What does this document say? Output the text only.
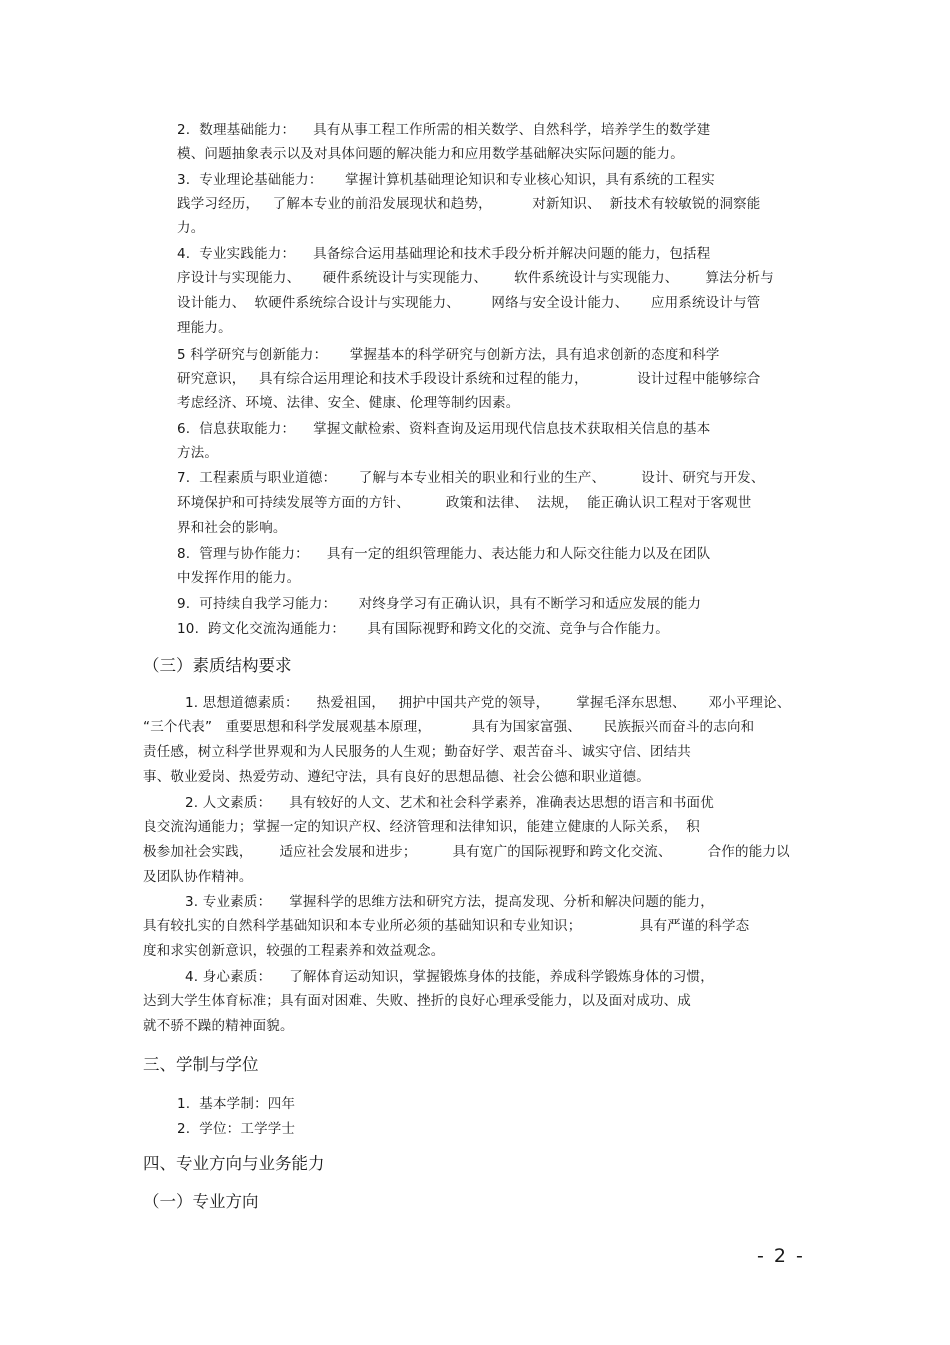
2.  数理基础能力：    具有从事工程工作所需的相关数学、自然科学，培养学生的数学建
模、问题抽象表示以及对具体问题的解决能力和应用数学基础解决实际问题的能力。
3.  专业理论基础能力：     掌握计算机基础理论知识和专业核心知识，具有系统的工程实
践学习经历，   了解本专业的前沿发展现状和趋势，         对新知识、  新技术有较敏锐的洞察能
力。
4.  专业实践能力：    具备综合运用基础理论和技术手段分析并解决问题的能力，包括程
序设计与实现能力、     硬件系统设计与实现能力、      软件系统设计与实现能力、      算法分析与
设计能力、  软硬件系统综合设计与实现能力、       网络与安全设计能力、     应用系统设计与管
理能力。
5 科学研究与创新能力：     掌握基本的科学研究与创新方法，具有追求创新的态度和科学
研究意识，   具有综合运用理论和技术手段设计系统和过程的能力，           设计过程中能够综合
考虑经济、环境、法律、安全、健康、伦理等制约因素。
6.  信息获取能力：    掌握文献检索、资料查询及运用现代信息技术获取相关信息的基本
方法。
7.  工程素质与职业道德：     了解与本专业相关的职业和行业的生产、        设计、研究与开发、
环境保护和可持续发展等方面的方针、        政策和法律、  法规，  能正确认识工程对于客观世
界和社会的影响。
8.  管理与协作能力：    具有一定的组织管理能力、表达能力和人际交往能力以及在团队
中发挥作用的能力。
9.  可持续自我学习能力：     对终身学习有正确认识，具有不断学习和适应发展的能力
10.  跨文化交流沟通能力：     具有国际视野和跨文化的交流、竞争与合作能力。
（三）素质结构要求
1. 思想道德素质：    热爱祖国，   拥护中国共产党的领导，      掌握毛泽东思想、     邓小平理论、
“三个代表”   重要思想和科学发展观基本原理，         具有为国家富强、     民族振兴而奋斗的志向和
责任感，树立科学世界观和为人民服务的人生观；勤奋好学、艰苦奋斗、诚实守信、团结共
事、敬业爱岗、热爱劳动、遵纪守法，具有良好的思想品德、社会公德和职业道德。
2. 人文素质：    具有较好的人文、艺术和社会科学素养，准确表达思想的语言和书面优
良交流沟通能力；掌握一定的知识产权、经济管理和法律知识，能建立健康的人际关系，  积
极参加社会实践，      适应社会发展和进步；        具有宽广的国际视野和跨文化交流、        合作的能力以
及团队协作精神。
3. 专业素质：    掌握科学的思维方法和研究方法，提高发现、分析和解决问题的能力，
具有较扎实的自然科学基础知识和本专业所必须的基础知识和专业知识；             具有严谨的科学态
度和求实创新意识，较强的工程素养和效益观念。
4. 身心素质：    了解体育运动知识，掌握锻炼身体的技能，养成科学锻炼身体的习惯，
达到大学生体育标准；具有面对困难、失败、挫折的良好心理承受能力，以及面对成功、成
就不骄不躁的精神面貌。
三、学制与学位
1.  基本学制：四年
2.  学位：工学学士
四、专业方向与业务能力
（一）专业方向
- 2 -
